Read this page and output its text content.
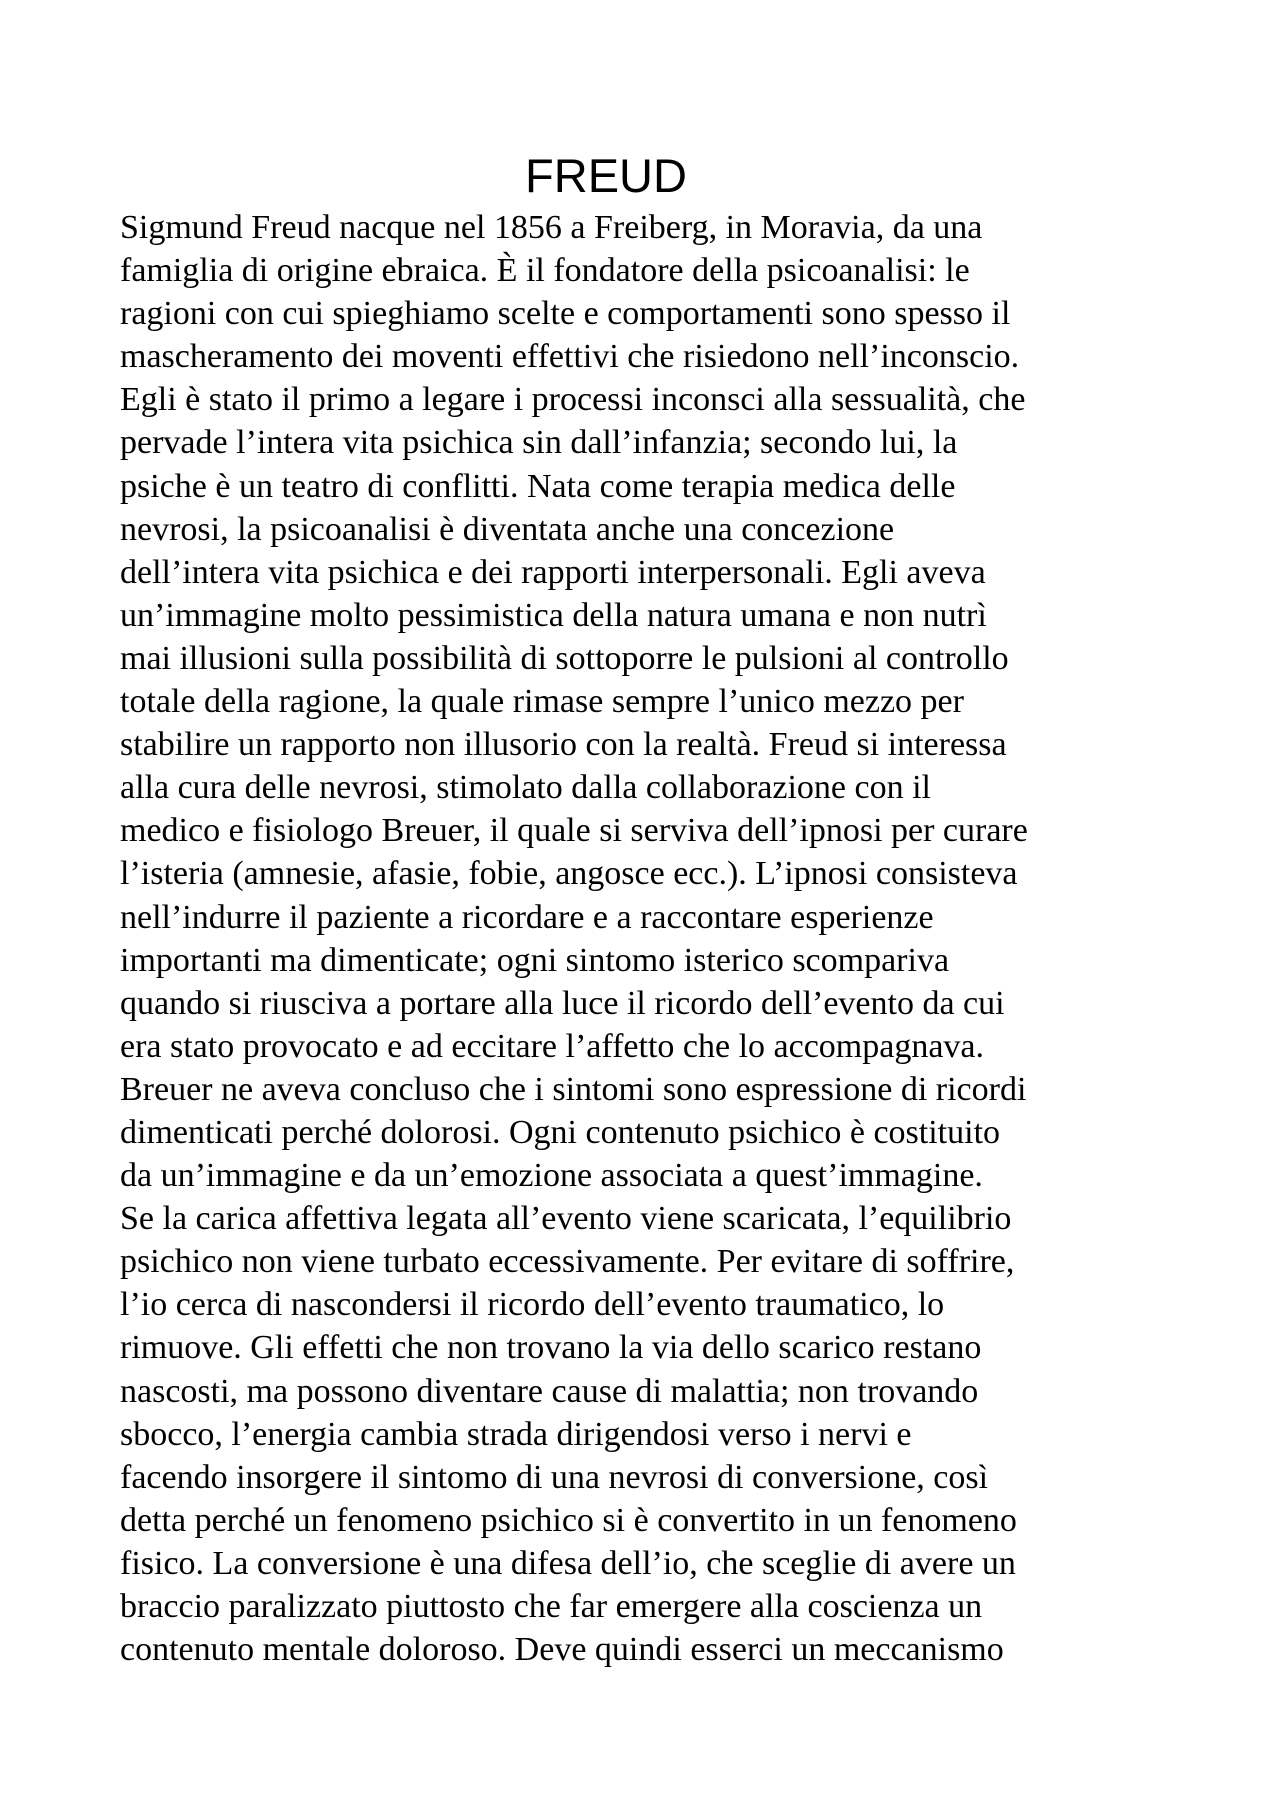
FREUD
Sigmund Freud nacque nel 1856 a Freiberg, in Moravia, da una
famiglia di origine ebraica. È il fondatore della psicoanalisi: le
ragioni con cui spieghiamo scelte e comportamenti sono spesso il
mascheramento dei moventi effettivi che risiedono nell’inconscio.
Egli è stato il primo a legare i processi inconsci alla sessualità, che
pervade l’intera vita psichica sin dall’infanzia; secondo lui, la
psiche è un teatro di conflitti. Nata come terapia medica delle
nevrosi, la psicoanalisi è diventata anche una concezione
dell’intera vita psichica e dei rapporti interpersonali. Egli aveva
un’immagine molto pessimistica della natura umana e non nutrì
mai illusioni sulla possibilità di sottoporre le pulsioni al controllo
totale della ragione, la quale rimase sempre l’unico mezzo per
stabilire un rapporto non illusorio con la realtà. Freud si interessa
alla cura delle nevrosi, stimolato dalla collaborazione con il
medico e fisiologo Breuer, il quale si serviva dell’ipnosi per curare
l’isteria (amnesie, afasie, fobie, angosce ecc.). L’ipnosi consisteva
nell’indurre il paziente a ricordare e a raccontare esperienze
importanti ma dimenticate; ogni sintomo isterico scompariva
quando si riusciva a portare alla luce il ricordo dell’evento da cui
era stato provocato e ad eccitare l’affetto che lo accompagnava.
Breuer ne aveva concluso che i sintomi sono espressione di ricordi
dimenticati perché dolorosi. Ogni contenuto psichico è costituito
da un’immagine e da un’emozione associata a quest’immagine.
Se la carica affettiva legata all’evento viene scaricata, l’equilibrio
psichico non viene turbato eccessivamente. Per evitare di soffrire,
l’io cerca di nascondersi il ricordo dell’evento traumatico, lo
rimuove. Gli effetti che non trovano la via dello scarico restano
nascosti, ma possono diventare cause di malattia; non trovando
sbocco, l’energia cambia strada dirigendosi verso i nervi e
facendo insorgere il sintomo di una nevrosi di conversione, così
detta perché un fenomeno psichico si è convertito in un fenomeno
fisico. La conversione è una difesa dell’io, che sceglie di avere un
braccio paralizzato piuttosto che far emergere alla coscienza un
contenuto mentale doloroso. Deve quindi esserci un meccanismo
